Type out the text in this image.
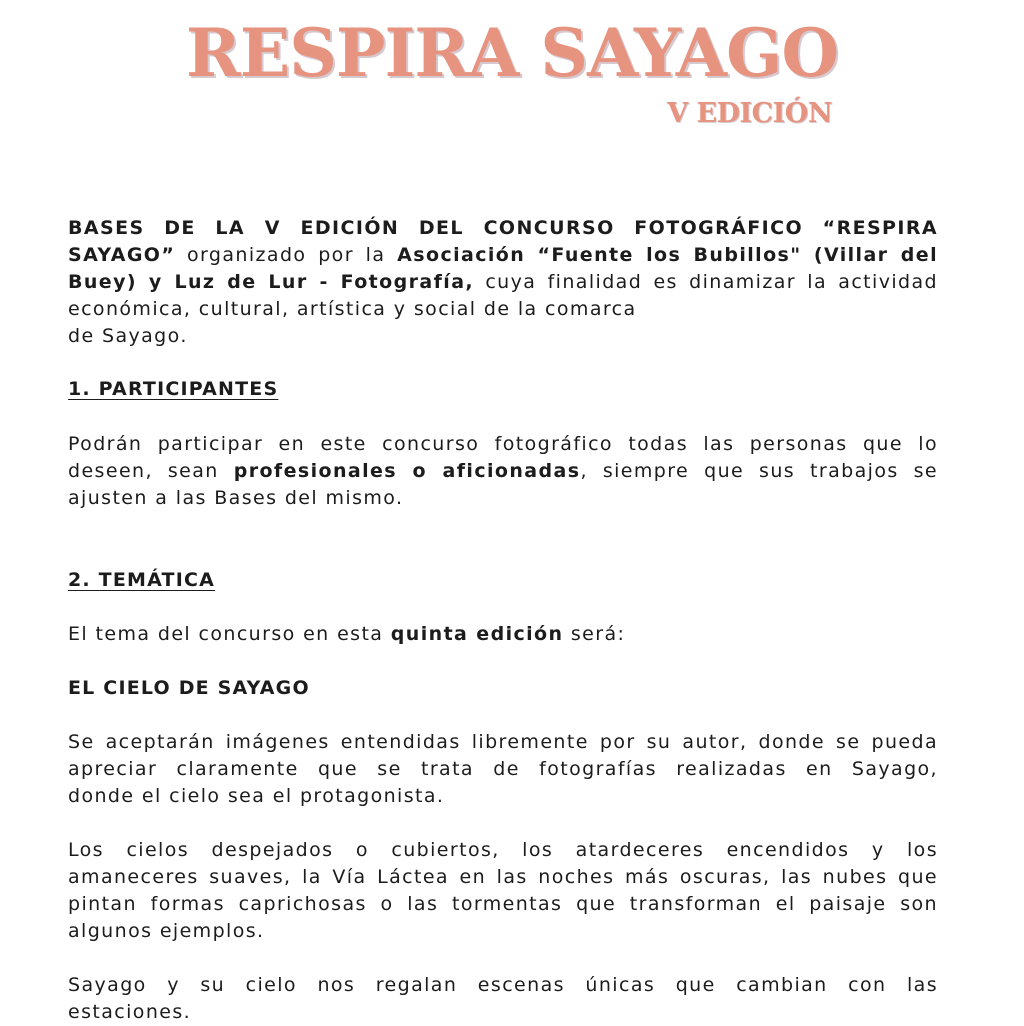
RESPIRA SAYAGO
V EDICIÓN

BASES DE LA V EDICIÓN DEL CONCURSO FOTOGRÁFICO “RESPIRA
SAYAGO” organizado por la Asociación “Fuente los Bubillos" (Villar del
Buey) y Luz de Lur - Fotografía, cuya finalidad es dinamizar la actividad
económica, cultural, artística y social de la comarca
de Sayago.

1. PARTICIPANTES

Podrán participar en este concurso fotográfico todas las personas que lo
deseen, sean profesionales o aficionadas, siempre que sus trabajos se
ajusten a las Bases del mismo.

2. TEMÁTICA

El tema del concurso en esta quinta edición será:

EL CIELO DE SAYAGO

Se aceptarán imágenes entendidas libremente por su autor, donde se pueda
apreciar claramente que se trata de fotografías realizadas en Sayago,
donde el cielo sea el protagonista.

Los cielos despejados o cubiertos, los atardeceres encendidos y los
amaneceres suaves, la Vía Láctea en las noches más oscuras, las nubes que
pintan formas caprichosas o las tormentas que transforman el paisaje son
algunos ejemplos.

Sayago y su cielo nos regalan escenas únicas que cambian con las
estaciones.
